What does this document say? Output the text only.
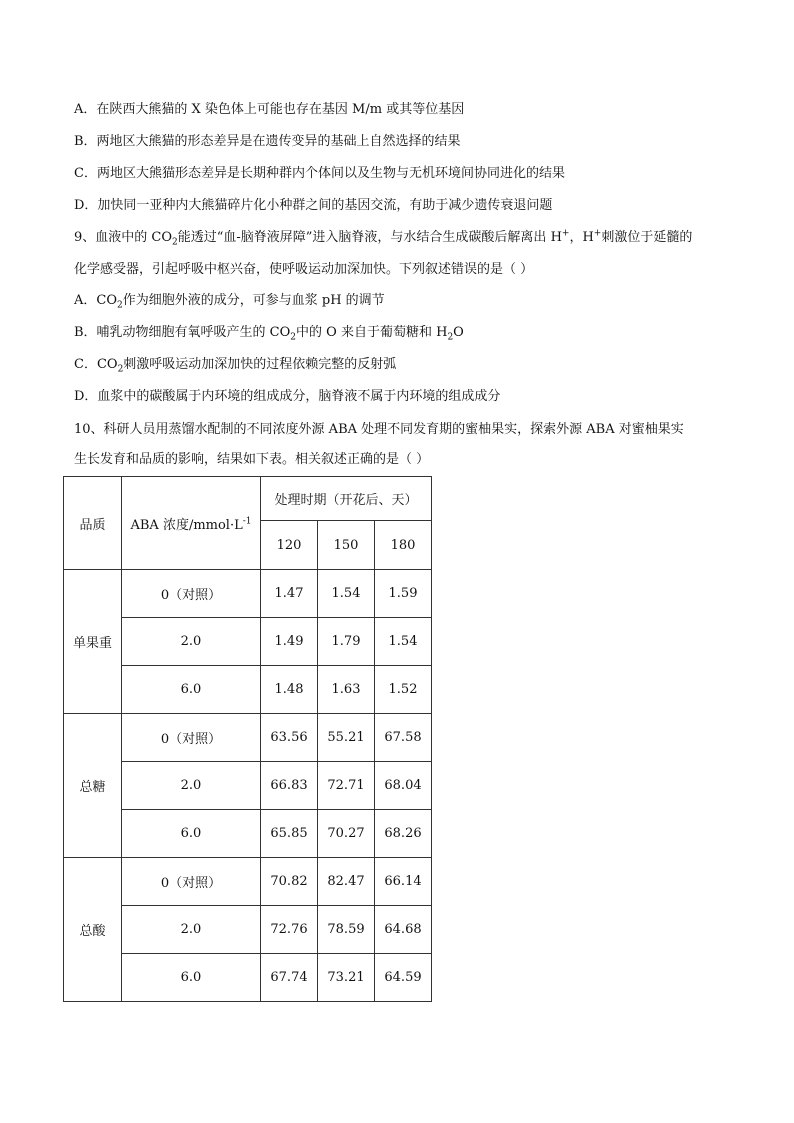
A．在陕西大熊猫的 X 染色体上可能也存在基因 M/m 或其等位基因
B．两地区大熊猫的形态差异是在遗传变异的基础上自然选择的结果
C．两地区大熊猫形态差异是长期种群内个体间以及生物与无机环境间协同进化的结果
D．加快同一亚种内大熊猫碎片化小种群之间的基因交流，有助于减少遗传衰退问题
9、血液中的 $CO_2$能透过“血-脑脊液屏障”进入脑脊液，与水结合生成碳酸后解离出 H+，H+刺激位于延髓的
化学感受器，引起呼吸中枢兴奋，使呼吸运动加深加快。下列叙述错误的是（ ）
A．$CO_2$作为细胞外液的成分，可参与血浆 pH 的调节
B．哺乳动物细胞有氧呼吸产生的 $CO_2$中的 O 来自于葡萄糖和 $H_2O$
C．$CO_2$刺激呼吸运动加深加快的过程依赖完整的反射弧
D．血浆中的碳酸属于内环境的组成成分，脑脊液不属于内环境的组成成分
10、科研人员用蒸馏水配制的不同浓度外源 ABA 处理不同发育期的蜜柚果实，探索外源 ABA 对蜜柚果实
生长发育和品质的影响，结果如下表。相关叙述正确的是（ ）
品质	ABA 浓度$/mmol\cdot L^{-1}$	处理时期（开花后、天）		
		120	150	180
单果重	0（对照）	1.47	1.54	1.59
	2.0	1.49	1.79	1.54
	6.0	1.48	1.63	1.52
总糖	0（对照）	63.56	55.21	67.58
	2.0	66.83	72.71	68.04
	6.0	65.85	70.27	68.26
总酸	0（对照）	70.82	82.47	66.14
	2.0	72.76	78.59	64.68
	6.0	67.74	73.21	64.59
